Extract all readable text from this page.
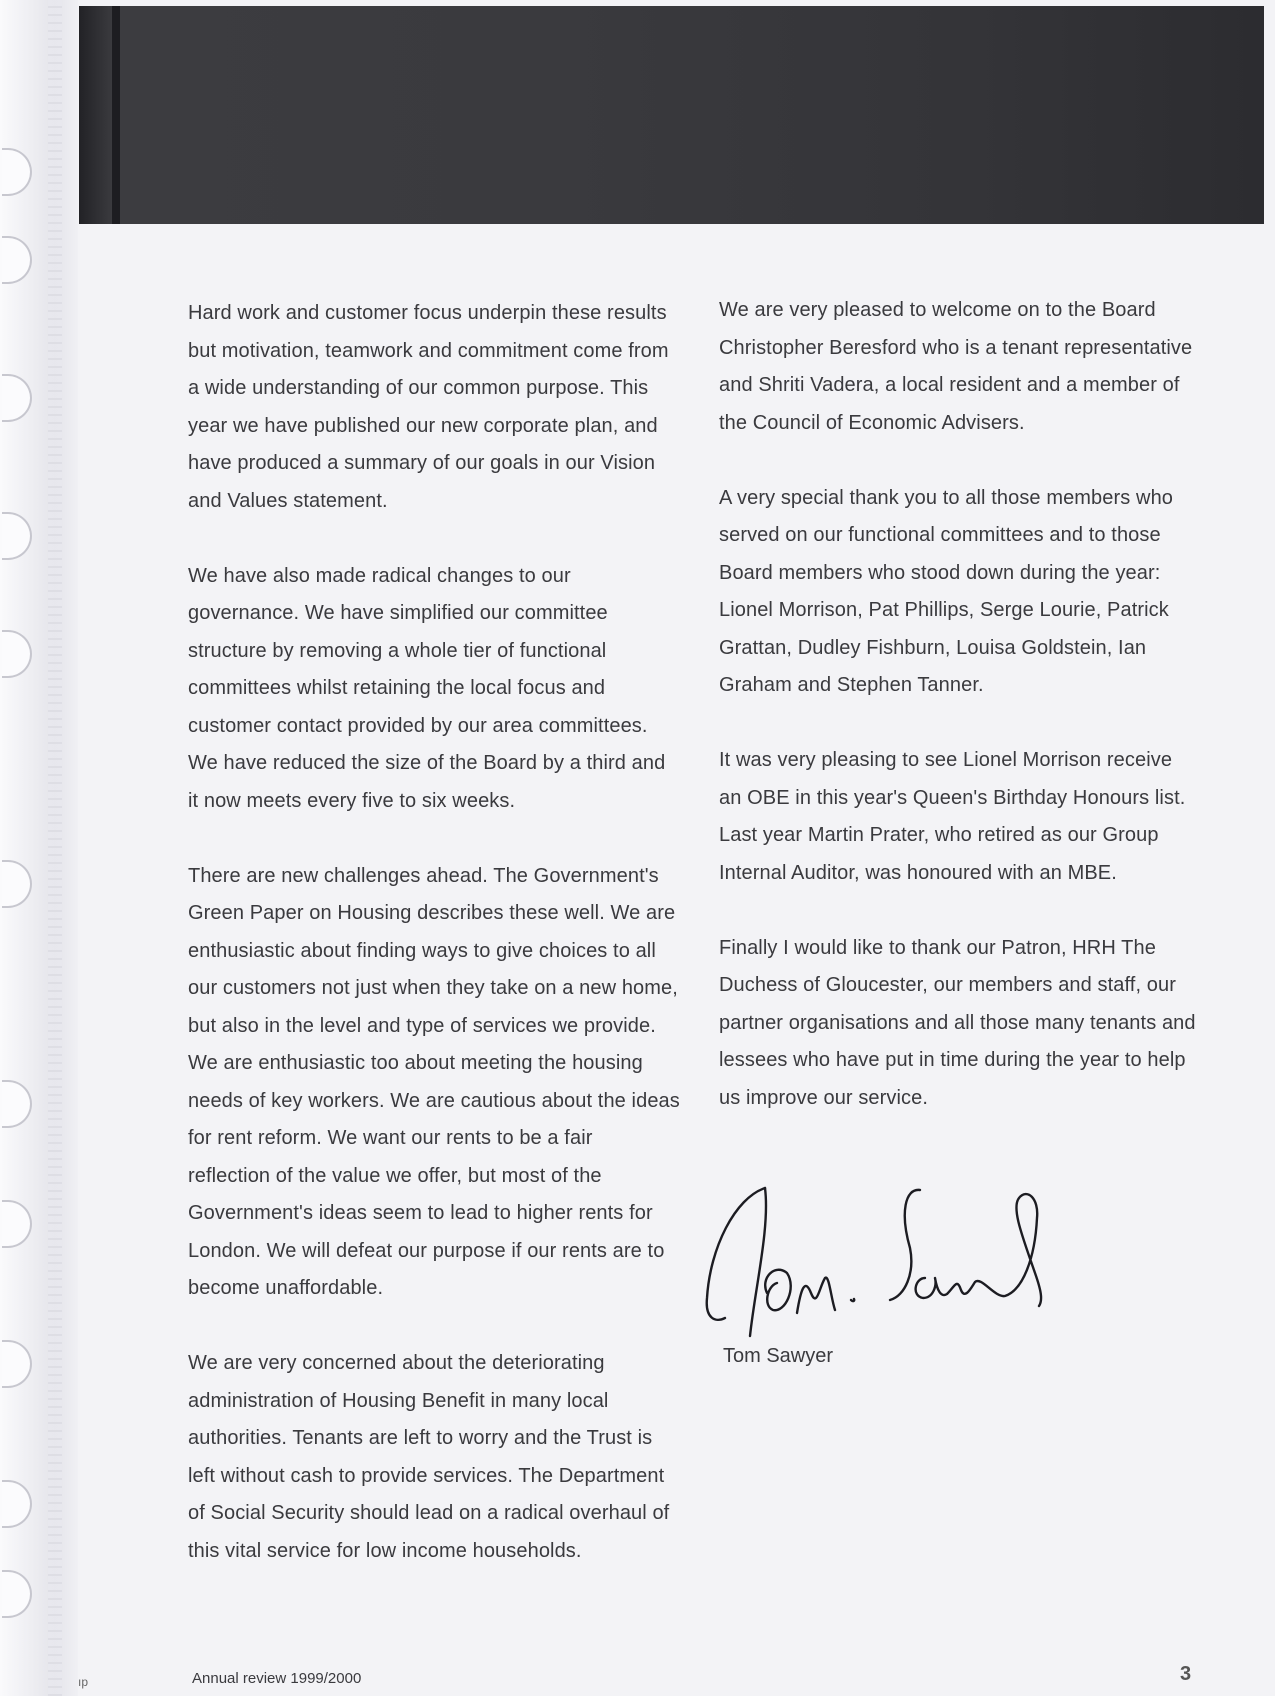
Hard work and customer focus underpin these results but motivation, teamwork and commitment come from a wide understanding of our common purpose. This year we have published our new corporate plan, and have produced a summary of our goals in our Vision and Values statement.

We have also made radical changes to our governance. We have simplified our committee structure by removing a whole tier of functional committees whilst retaining the local focus and customer contact provided by our area committees. We have reduced the size of the Board by a third and it now meets every five to six weeks.

There are new challenges ahead. The Government's Green Paper on Housing describes these well. We are enthusiastic about finding ways to give choices to all our customers not just when they take on a new home, but also in the level and type of services we provide. We are enthusiastic too about meeting the housing needs of key workers. We are cautious about the ideas for rent reform. We want our rents to be a fair reflection of the value we offer, but most of the Government's ideas seem to lead to higher rents for London. We will defeat our purpose if our rents are to become unaffordable.

We are very concerned about the deteriorating administration of Housing Benefit in many local authorities. Tenants are left to worry and the Trust is left without cash to provide services. The Department of Social Security should lead on a radical overhaul of this vital service for low income households.

We are very pleased to welcome on to the Board Christopher Beresford who is a tenant representative and Shriti Vadera, a local resident and a member of the Council of Economic Advisers.

A very special thank you to all those members who served on our functional committees and to those Board members who stood down during the year: Lionel Morrison, Pat Phillips, Serge Lourie, Patrick Grattan, Dudley Fishburn, Louisa Goldstein, Ian Graham and Stephen Tanner.

It was very pleasing to see Lionel Morrison receive an OBE in this year's Queen's Birthday Honours list. Last year Martin Prater, who retired as our Group Internal Auditor, was honoured with an MBE.

Finally I would like to thank our Patron, HRH The Duchess of Gloucester, our members and staff, our partner organisations and all those many tenants and lessees who have put in time during the year to help us improve our service.

Tom Sawyer
ıp	Annual review 1999/2000	3
